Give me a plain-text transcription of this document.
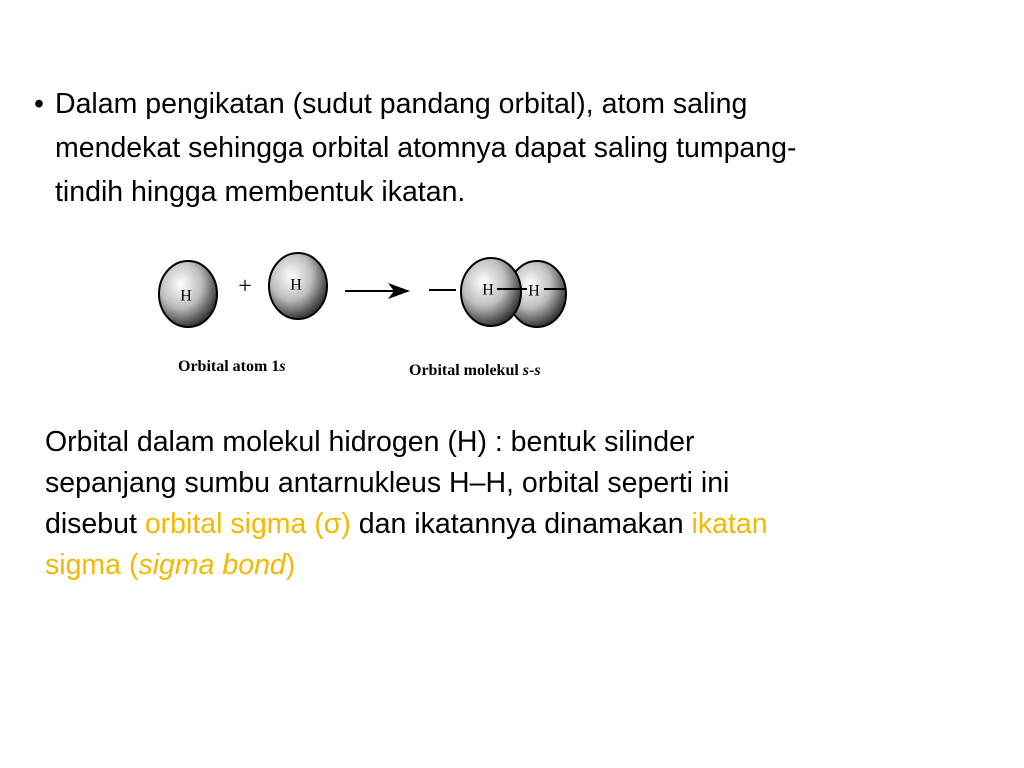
• Dalam pengikatan (sudut pandang orbital), atom saling
mendekat sehingga orbital atomnya dapat saling tumpang-
tindih hingga membentuk ikatan.
H + H	H H
Orbital atom 1s	Orbital molekul s-s
Orbital dalam molekul hidrogen (H) : bentuk silinder
sepanjang sumbu antarnukleus H–H, orbital seperti ini
disebut orbital sigma (σ) dan ikatannya dinamakan ikatan
sigma (sigma bond)
